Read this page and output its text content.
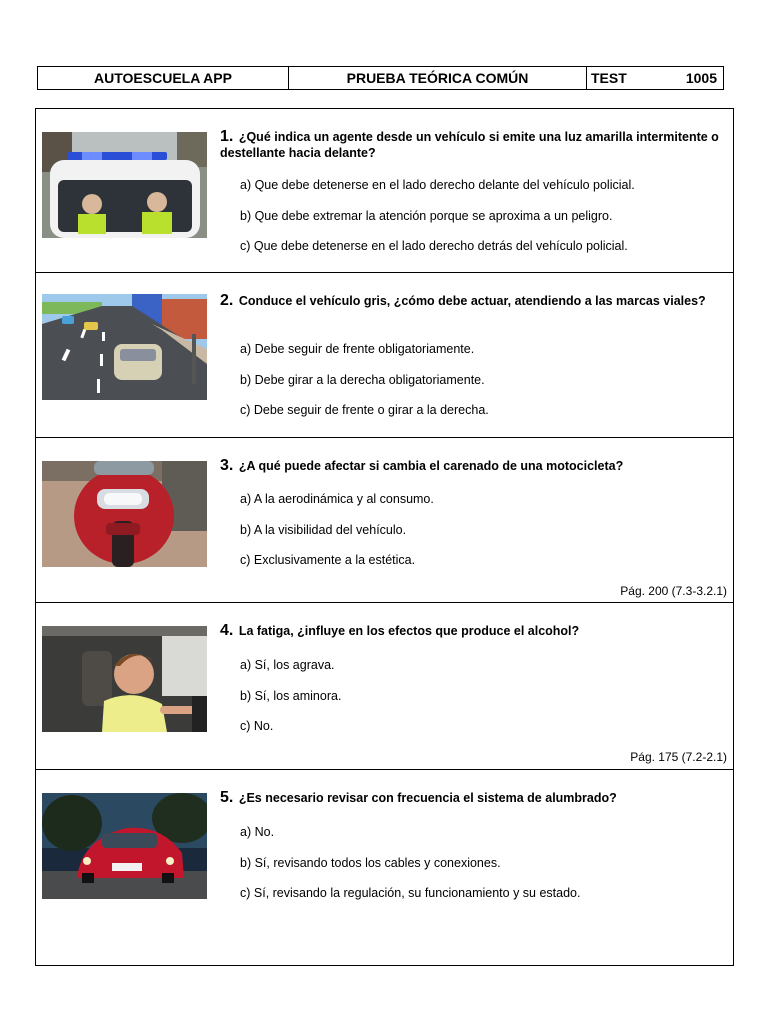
AUTOESCUELA APP	PRUEBA TEÓRICA COMÚN	TEST	1005
1. ¿Qué indica un agente desde un vehículo si emite una luz amarilla intermitente o destellante hacia delante?
a) Que debe detenerse en el lado derecho delante del vehículo policial.
b) Que debe extremar la atención porque se aproxima a un peligro.
c) Que debe detenerse en el lado derecho detrás del vehículo policial.
2. Conduce el vehículo gris, ¿cómo debe actuar, atendiendo a las marcas viales?
a) Debe seguir de frente obligatoriamente.
b) Debe girar a la derecha obligatoriamente.
c) Debe seguir de frente o girar a la derecha.
3. ¿A qué puede afectar si cambia el carenado de una motocicleta?
a) A la aerodinámica y al consumo.
b) A la visibilidad del vehículo.
c) Exclusivamente a la estética.
Pág. 200 (7.3-3.2.1)
4. La fatiga, ¿influye en los efectos que produce el alcohol?
a) Sí, los agrava.
b) Sí, los aminora.
c) No.
Pág. 175 (7.2-2.1)
5. ¿Es necesario revisar con frecuencia el sistema de alumbrado?
a) No.
b) Sí, revisando todos los cables y conexiones.
c) Sí, revisando la regulación, su funcionamiento y su estado.
